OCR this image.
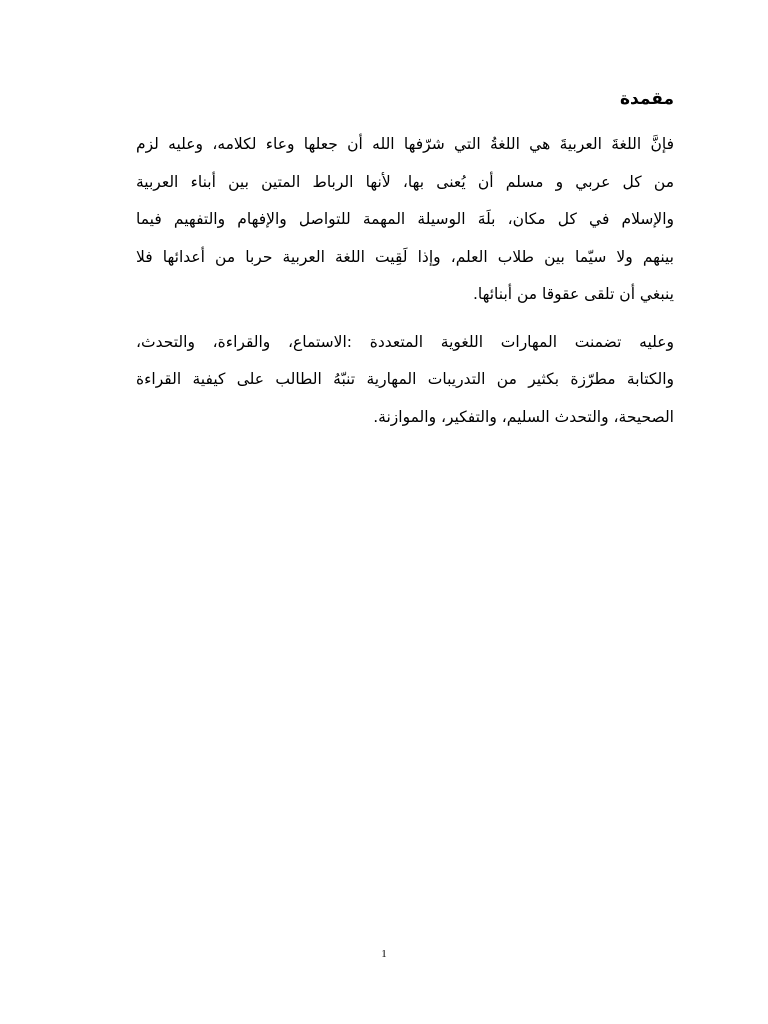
مقمدة

فإنَّ اللغةَ العربيةَ هي اللغةُ التي شرّفها الله أن جعلها وعاء لكلامه، وعليه لزم
من كل عربي و مسلم أن يُعنى بها، لأنها الرباط المتين بين أبناء العربية
والإسلام في كل مكان، بلَهَ الوسيلة المهمة للتواصل والإفهام والتفهيم فيما
بينهم ولا سيّما بين طلاب العلم، وإذا لَقِيت اللغة العربية حربا من أعدائها فلا
ينبغي أن تلقى عقوقا من أبنائها.

وعليه تضمنت المهارات اللغوية المتعددة :الاستماع، والقراءة، والتحدث،
والكتابة مطرّزة بكثير من التدريبات المهارية تنبّهُ الطالب على كيفية القراءة
الصحيحة، والتحدث السليم، والتفكير، والموازنة.

1
